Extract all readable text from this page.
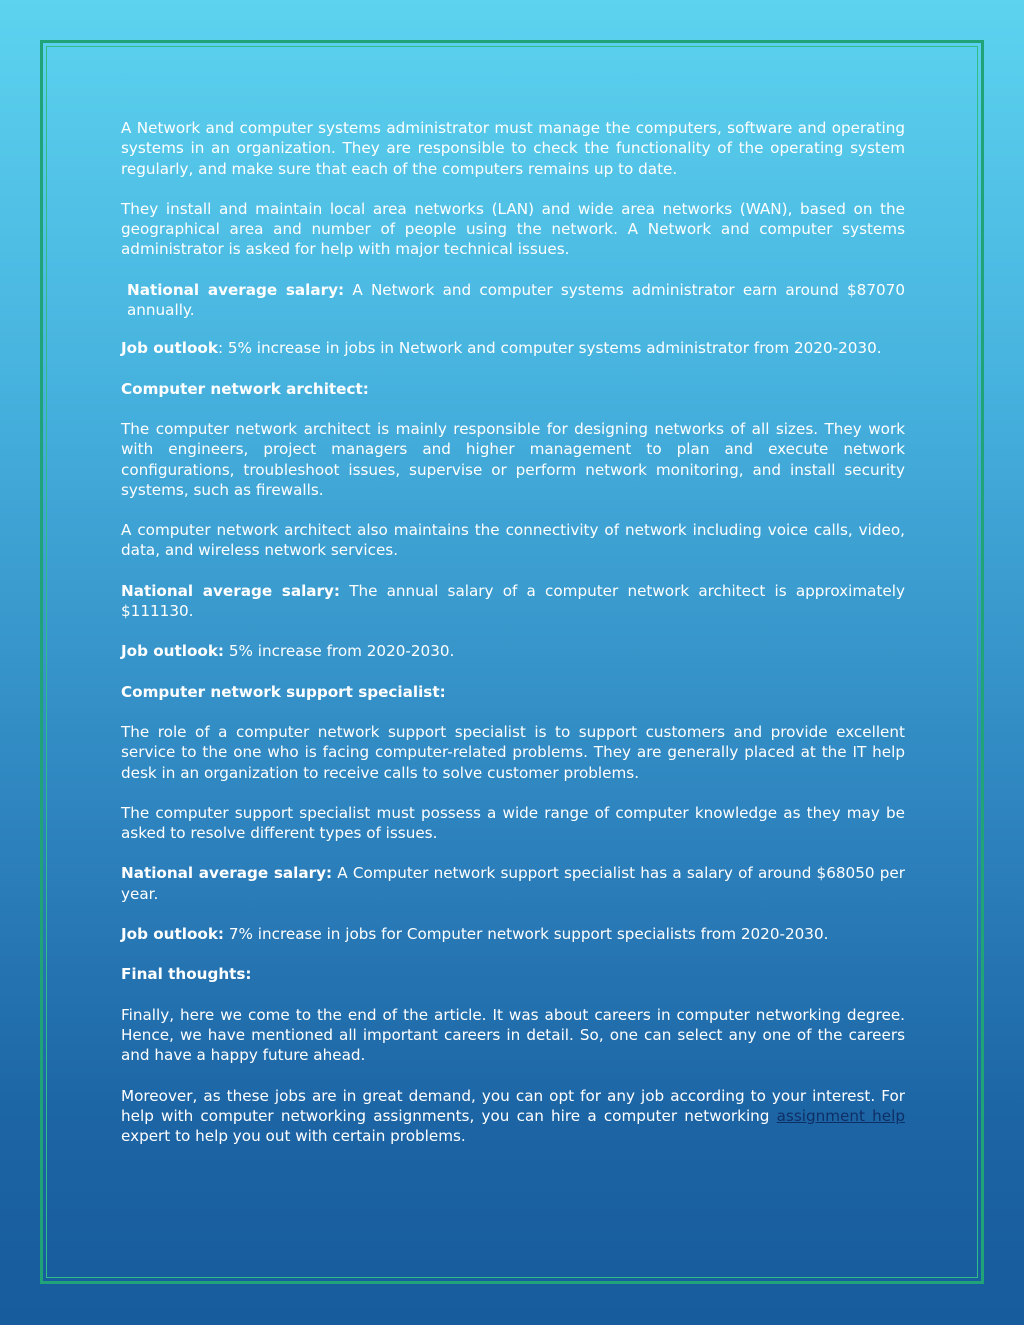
A Network and computer systems administrator must manage the computers, software and operating systems in an organization. They are responsible to check the functionality of the operating system regularly, and make sure that each of the computers remains up to date.

They install and maintain local area networks (LAN) and wide area networks (WAN), based on the geographical area and number of people using the network. A Network and computer systems administrator is asked for help with major technical issues.

National average salary: A Network and computer systems administrator earn around $87070 annually.

Job outlook: 5% increase in jobs in Network and computer systems administrator from 2020-2030.

Computer network architect:

The computer network architect is mainly responsible for designing networks of all sizes. They work with engineers, project managers and higher management to plan and execute network configurations, troubleshoot issues, supervise or perform network monitoring, and install security systems, such as firewalls.

A computer network architect also maintains the connectivity of network including voice calls, video, data, and wireless network services.

National average salary: The annual salary of a computer network architect is approximately $111130.

Job outlook: 5% increase from 2020-2030.

Computer network support specialist:

The role of a computer network support specialist is to support customers and provide excellent service to the one who is facing computer-related problems. They are generally placed at the IT help desk in an organization to receive calls to solve customer problems.

The computer support specialist must possess a wide range of computer knowledge as they may be asked to resolve different types of issues.

National average salary: A Computer network support specialist has a salary of around $68050 per year.

Job outlook: 7% increase in jobs for Computer network support specialists from 2020-2030.

Final thoughts:

Finally, here we come to the end of the article. It was about careers in computer networking degree. Hence, we have mentioned all important careers in detail. So, one can select any one of the careers and have a happy future ahead.

Moreover, as these jobs are in great demand, you can opt for any job according to your interest. For help with computer networking assignments, you can hire a computer networking assignment help expert to help you out with certain problems.
